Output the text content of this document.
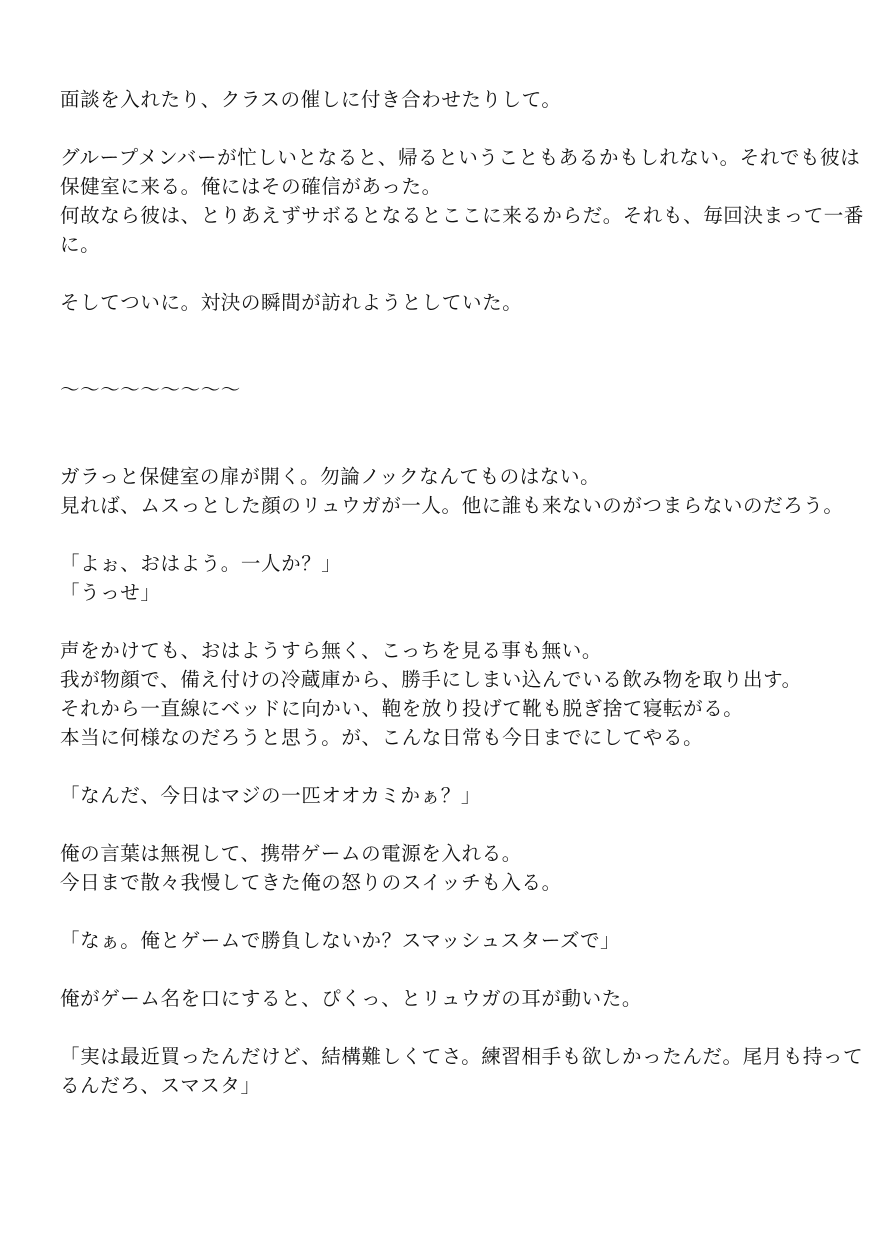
面談を入れたり、クラスの催しに付き合わせたりして。

グループメンバーが忙しいとなると、帰るということもあるかもしれない。それでも彼は

保健室に来る。俺にはその確信があった。

何故なら彼は、とりあえずサボるとなるとここに来るからだ。それも、毎回決まって一番

に。

そしてついに。対決の瞬間が訪れようとしていた。

〜〜〜〜〜〜〜〜〜

ガラっと保健室の扉が開く。勿論ノックなんてものはない。

見れば、ムスっとした顔のリュウガが一人。他に誰も来ないのがつまらないのだろう。

「よぉ、おはよう。一人か？」

「うっせ」

声をかけても、おはようすら無く、こっちを見る事も無い。

我が物顔で、備え付けの冷蔵庫から、勝手にしまい込んでいる飲み物を取り出す。

それから一直線にベッドに向かい、鞄を放り投げて靴も脱ぎ捨て寝転がる。

本当に何様なのだろうと思う。が、こんな日常も今日までにしてやる。

「なんだ、今日はマジの一匹オオカミかぁ？」

俺の言葉は無視して、携帯ゲームの電源を入れる。

今日まで散々我慢してきた俺の怒りのスイッチも入る。

「なぁ。俺とゲームで勝負しないか？スマッシュスターズで」

俺がゲーム名を口にすると、ぴくっ、とリュウガの耳が動いた。

「実は最近買ったんだけど、結構難しくてさ。練習相手も欲しかったんだ。尾月も持って

るんだろ、スマスタ」
